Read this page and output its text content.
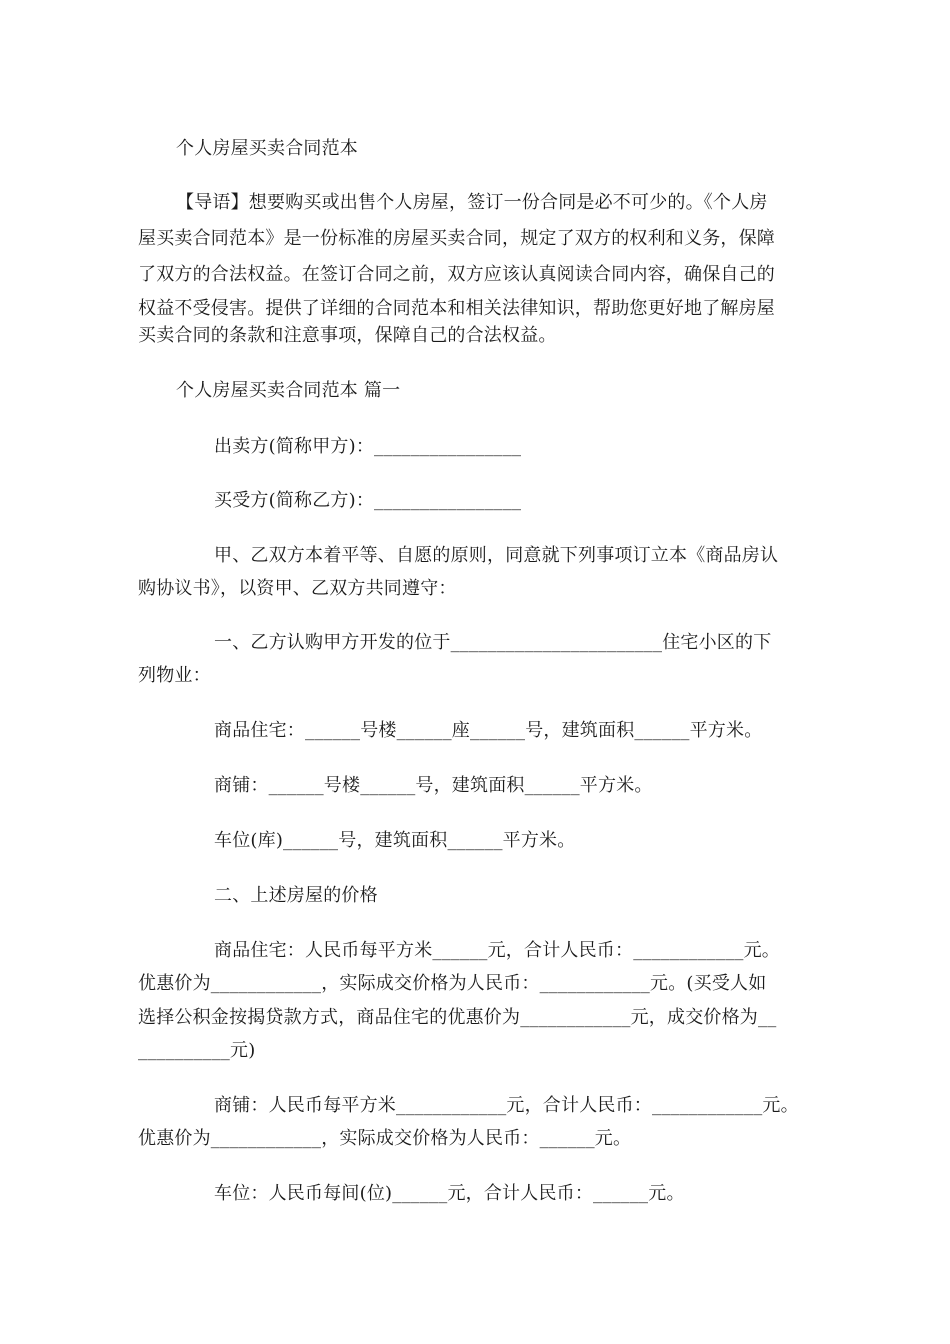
个人房屋买卖合同范本
【导语】想要购买或出售个人房屋，签订一份合同是必不可少的。《个人房
屋买卖合同范本》是一份标准的房屋买卖合同，规定了双方的权利和义务，保障
了双方的合法权益。在签订合同之前，双方应该认真阅读合同内容，确保自己的
权益不受侵害。提供了详细的合同范本和相关法律知识，帮助您更好地了解房屋
买卖合同的条款和注意事项，保障自己的合法权益。
个人房屋买卖合同范本 篇一
出卖方(简称甲方)：________________
买受方(简称乙方)：________________
甲、乙双方本着平等、自愿的原则，同意就下列事项订立本《商品房认
购协议书》，以资甲、乙双方共同遵守：
一、乙方认购甲方开发的位于_______________________住宅小区的下
列物业：
商品住宅：______号楼______座______号，建筑面积______平方米。
商铺：______号楼______号，建筑面积______平方米。
车位(库)______号，建筑面积______平方米。
二、上述房屋的价格
商品住宅：人民币每平方米______元，合计人民币：____________元。
优惠价为____________，实际成交价格为人民币：____________元。(买受人如
选择公积金按揭贷款方式，商品住宅的优惠价为____________元，成交价格为__
__________元)
商铺：人民币每平方米____________元，合计人民币：____________元。
优惠价为____________，实际成交价格为人民币：______元。
车位：人民币每间(位)______元，合计人民币：______元。
